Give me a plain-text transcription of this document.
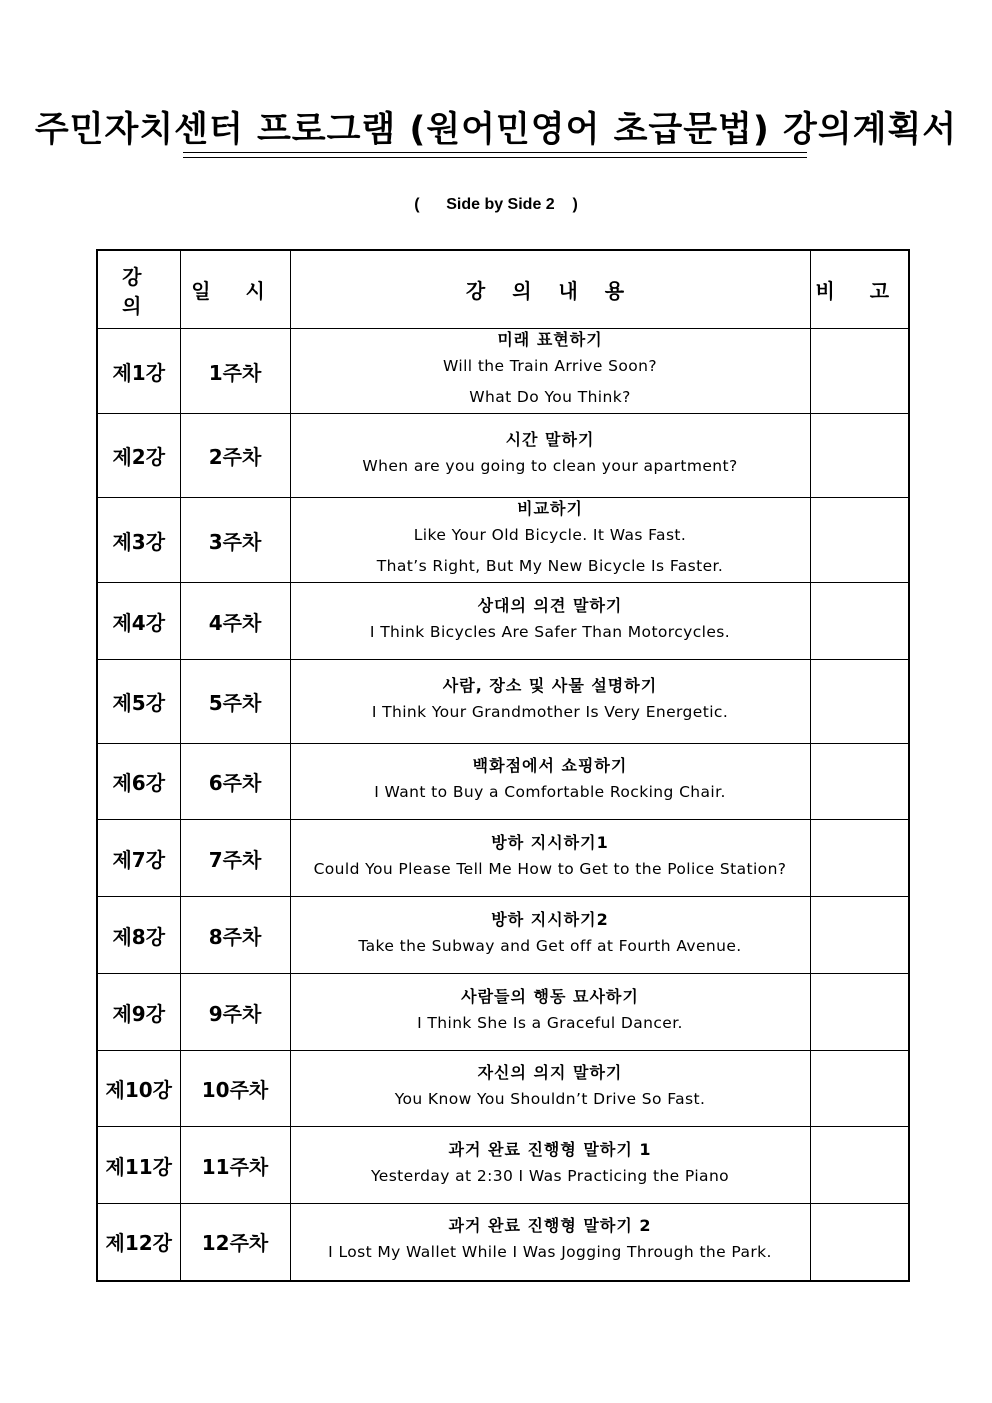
주민자치센터 프로그램 (원어민영어 초급문법) 강의계획서
(      Side by Side 2    )
강 의	일 시	강 의 내 용	비 고
제1강	1주차	미래 표현하기
Will the Train Arrive Soon?
What Do You Think?	

제2강	2주차	시간 말하기
When are you going to clean your apartment?	

제3강	3주차	비교하기
Like Your Old Bicycle. It Was Fast.
That’s Right, But My New Bicycle Is Faster.	

제4강	4주차	상대의 의견 말하기
I Think Bicycles Are Safer Than Motorcycles.	

제5강	5주차	사람, 장소 및 사물 설명하기
I Think Your Grandmother Is Very Energetic.	

제6강	6주차	백화점에서 쇼핑하기
I Want to Buy a Comfortable Rocking Chair.	

제7강	7주차	방하 지시하기1
Could You Please Tell Me How to Get to the Police Station?	

제8강	8주차	방하 지시하기2
Take the Subway and Get off at Fourth Avenue.	

제9강	9주차	사람들의 행동 묘사하기
I Think She Is a Graceful Dancer.	

제10강	10주차	자신의 의지 말하기
You Know You Shouldn’t Drive So Fast.	

제11강	11주차	과거 완료 진행형 말하기 1
Yesterday at 2:30 I Was Practicing the Piano	

제12강	12주차	과거 완료 진행형 말하기 2
I Lost My Wallet While I Was Jogging Through the Park.	
